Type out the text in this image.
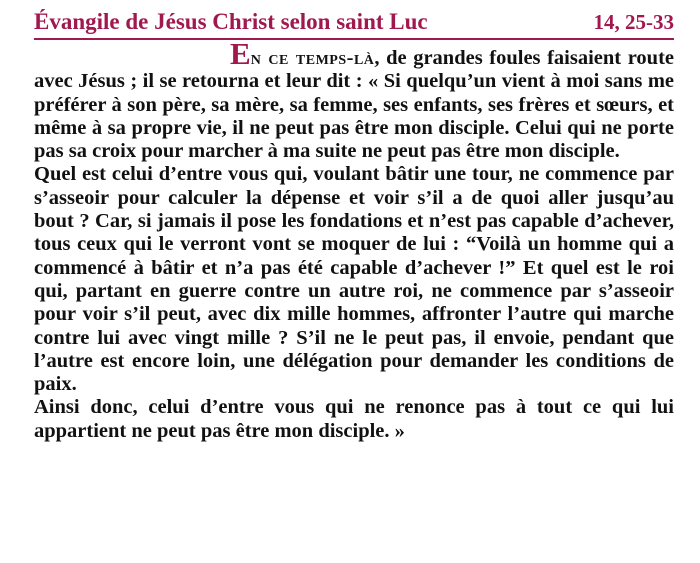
Évangile de Jésus Christ selon saint Luc	14, 25-33

En ce temps-là, de grandes foules faisaient route avec Jésus ; il se retourna et leur dit : « Si quelqu’un vient à moi sans me préférer à son père, sa mère, sa femme, ses enfants, ses frères et sœurs, et même à sa propre vie, il ne peut pas être mon disciple. Celui qui ne porte pas sa croix pour marcher à ma suite ne peut pas être mon disciple.

Quel est celui d’entre vous qui, voulant bâtir une tour, ne commence par s’asseoir pour calculer la dépense et voir s’il a de quoi aller jusqu’au bout ? Car, si jamais il pose les fondations et n’est pas capable d’achever, tous ceux qui le verront vont se moquer de lui : “Voilà un homme qui a commencé à bâtir et n’a pas été capable d’achever !” Et quel est le roi qui, partant en guerre contre un autre roi, ne commence par s’asseoir pour voir s’il peut, avec dix mille hommes, affronter l’autre qui marche contre lui avec vingt mille ? S’il ne le peut pas, il envoie, pendant que l’autre est encore loin, une délégation pour demander les conditions de paix.

Ainsi donc, celui d’entre vous qui ne renonce pas à tout ce qui lui appartient ne peut pas être mon disciple. »
